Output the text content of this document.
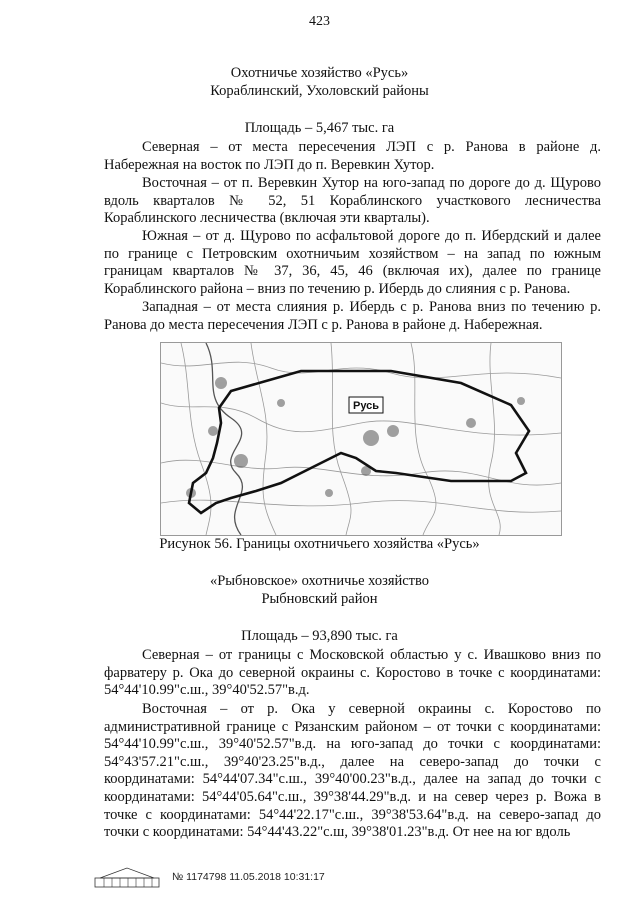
423
Охотничье хозяйство «Русь»
Кораблинский, Ухоловский районы
Площадь – 5,467 тыс. га

Северная – от места пересечения ЛЭП с р. Ранова в районе д. Набережная на восток по ЛЭП до п. Веревкин Хутор.

Восточная – от п. Веревкин Хутор на юго-запад по дороге до д. Щурово вдоль кварталов № 52, 51 Кораблинского участкового лесничества Кораблинского лесничества (включая эти кварталы).

Южная – от д. Щурово по асфальтовой дороге до п. Ибердский и далее по границе с Петровским охотничьим хозяйством – на запад по южным границам кварталов № 37, 36, 45, 46 (включая их), далее по границе Кораблинского района – вниз по течению р. Ибердь до слияния с р. Ранова.

Западная – от места слияния р. Ибердь с р. Ранова вниз по течению р. Ранова до места пересечения ЛЭП с р. Ранова в районе д. Набережная.

Русь
Рисунок 56. Границы охотничьего хозяйства «Русь»
«Рыбновское» охотничье хозяйство
Рыбновский район
Площадь – 93,890 тыс. га

Северная – от границы с Московской областью у с. Ивашково вниз по фарватеру р. Ока до северной окраины с. Коростово в точке с координатами: 54°44'10.99"с.ш., 39°40'52.57"в.д.

Восточная – от р. Ока у северной окраины с. Коростово по административной границе с Рязанским районом – от точки с координатами: 54°44'10.99"с.ш., 39°40'52.57"в.д. на юго-запад до точки с координатами: 54°43'57.21"с.ш., 39°40'23.25"в.д., далее на северо-запад до точки с координатами: 54°44'07.34"с.ш., 39°40'00.23"в.д., далее на запад до точки с координатами: 54°44'05.64"с.ш., 39°38'44.29"в.д. и на север через р. Вожа в точке с координатами: 54°44'22.17"с.ш., 39°38'53.64"в.д. на северо-запад до точки с координатами: 54°44'43.22"с.ш, 39°38'01.23"в.д. От нее на юг вдоль

№ 1174798 11.05.2018 10:31:17
